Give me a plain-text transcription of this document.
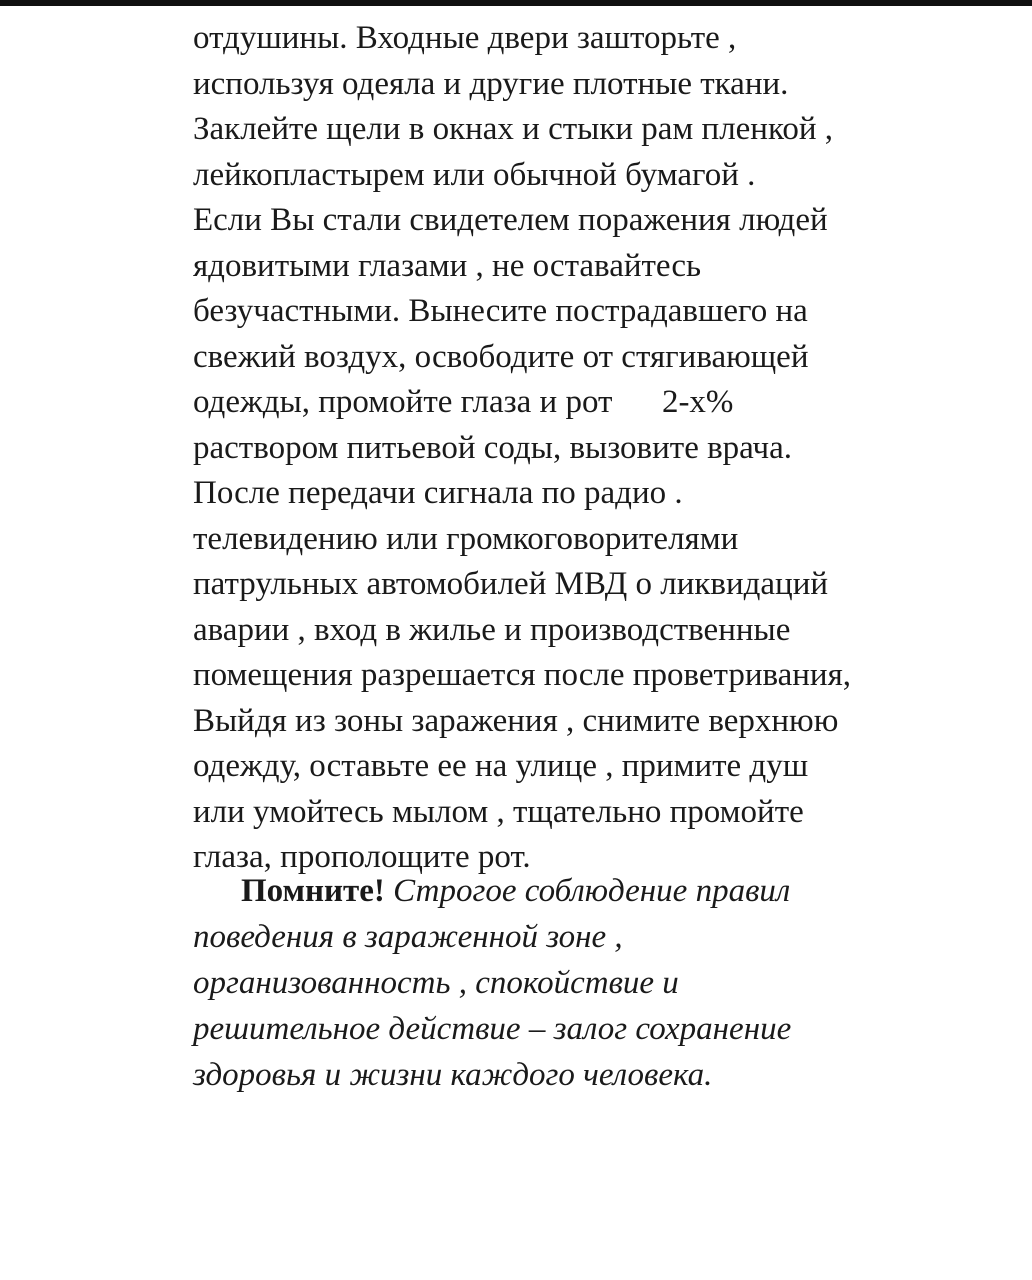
отдушины. Входные двери зашторьте ,
используя одеяла и другие плотные ткани.
Заклейте щели в окнах и стыки рам пленкой ,
лейкопластырем или обычной бумагой .
Если Вы стали свидетелем поражения людей
ядовитыми глазами , не оставайтесь
безучастными. Вынесите пострадавшего на
свежий воздух, освободите от стягивающей
одежды, промойте глаза и рот      2-х%
раствором питьевой соды, вызовите врача.
После передачи сигнала по радио .
телевидению или громкоговорителями
патрульных автомобилей МВД о ликвидаций
аварии , вход в жилье и производственные
помещения разрешается после проветривания,
Выйдя из зоны заражения , снимите верхнюю
одежду, оставьте ее на улице , примите душ
или умойтесь мылом , тщательно промойте
глаза, прополощите рот.
Помните! Строгое соблюдение правил
поведения в зараженной зоне ,
организованность , спокойствие и
решительное действие – залог сохранение
здоровья и жизни каждого человека.
